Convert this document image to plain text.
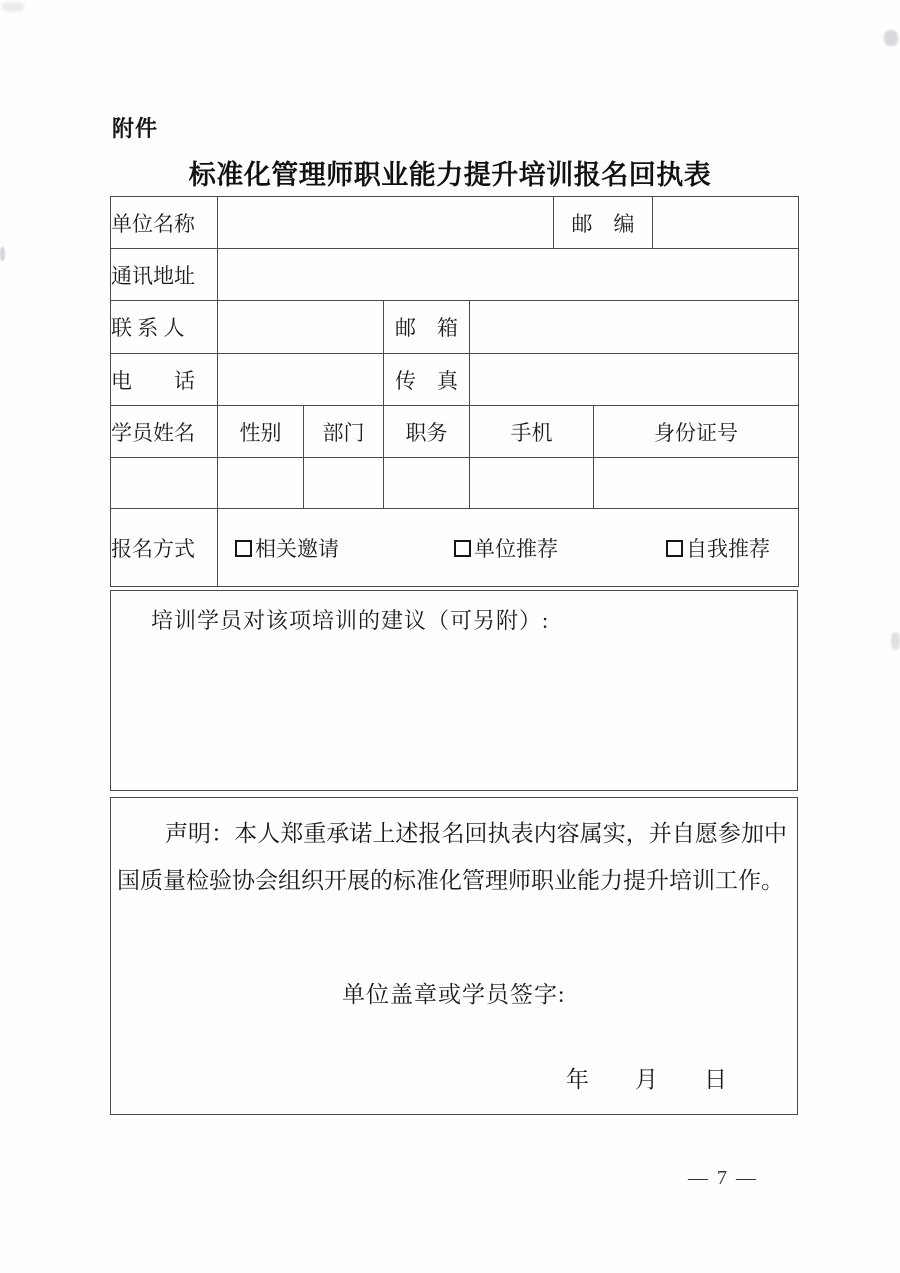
附件
标准化管理师职业能力提升培训报名回执表
单位名称					邮　编		
通讯地址							
联 系 人			邮　箱				
电　　话			传　真				
学员姓名	性别	部门	职务	手机		身份证号	

报名方式	相关邀请 单位推荐 自我推荐						
培训学员对该项培训的建议（可另附）:
声明：本人郑重承诺上述报名回执表内容属实，并自愿参加中国质量检验协会组织开展的标准化管理师职业能力提升培训工作。
单位盖章或学员签字:
年　　月　　日
— 7 —
